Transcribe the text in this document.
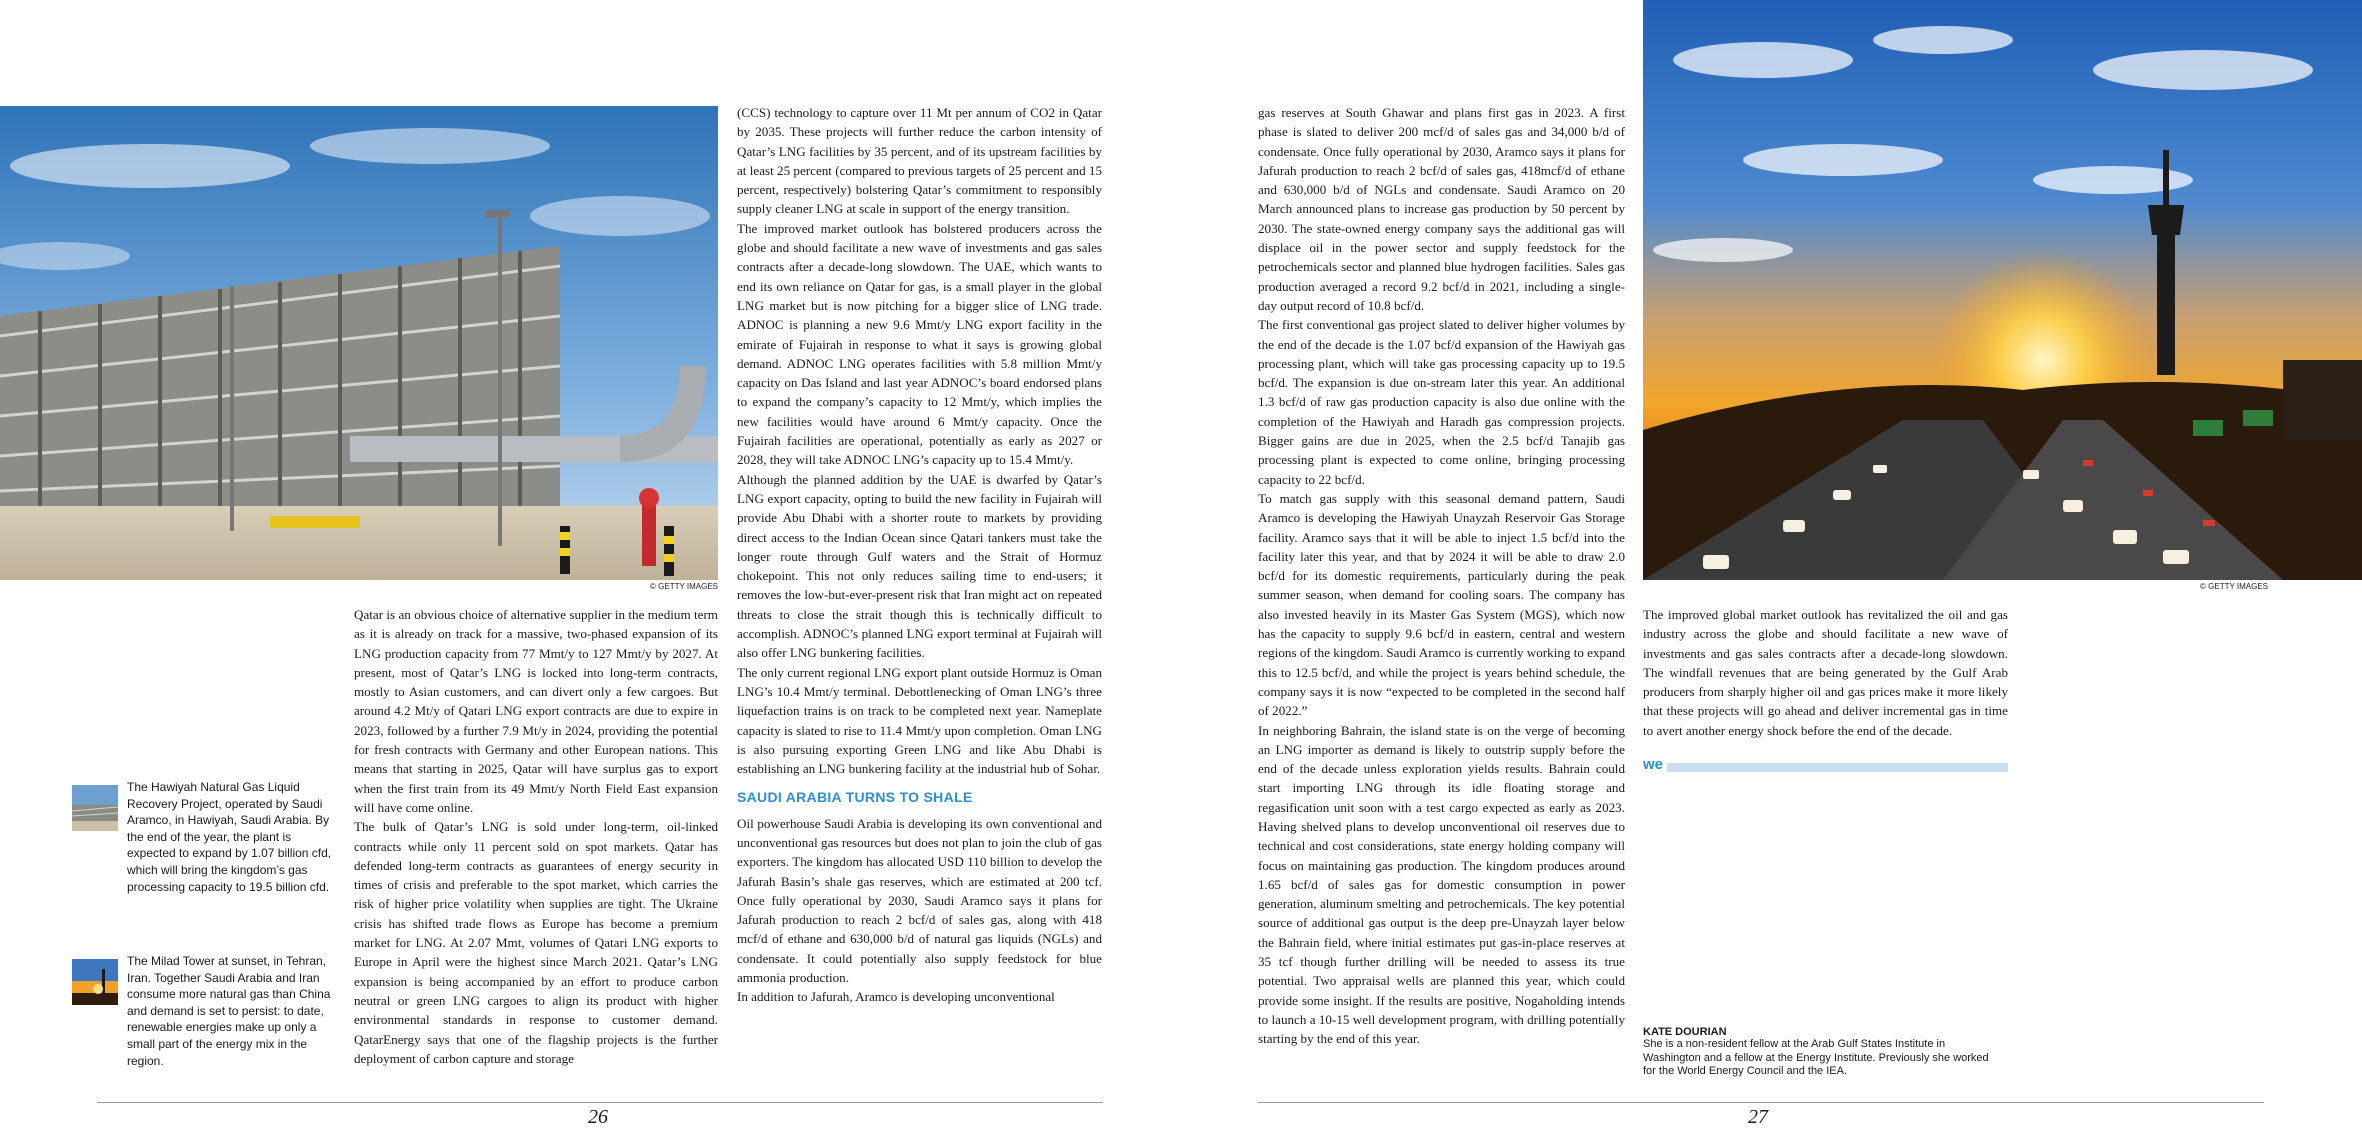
© GETTY IMAGES	© GETTY IMAGES
The Hawiyah Natural Gas Liquid Recovery Project, operated by Saudi Aramco, in Hawiyah, Saudi Arabia. By the end of the year, the plant is expected to expand by 1.07 billion cfd, which will bring the kingdom’s gas processing capacity to 19.5 billion cfd.
The Milad Tower at sunset, in Tehran, Iran. Together Saudi Arabia and Iran consume more natural gas than China and demand is set to persist: to date, renewable energies make up only a small part of the energy mix in the region.

Qatar is an obvious choice of alternative supplier in the medium term as it is already on track for a massive, two-phased expansion of its LNG production capacity from 77 Mmt/y to 127 Mmt/y by 2027. At present, most of Qatar’s LNG is locked into long-term contracts, mostly to Asian customers, and can divert only a few cargoes. But around 4.2 Mt/y of Qatari LNG export contracts are due to expire in 2023, followed by a further 7.9 Mt/y in 2024, providing the potential for fresh contracts with Germany and other European nations. This means that starting in 2025, Qatar will have surplus gas to export when the first train from its 49 Mmt/y North Field East expansion will have come online.

The bulk of Qatar’s LNG is sold under long-term, oil-linked contracts while only 11 percent sold on spot markets. Qatar has defended long-term contracts as guarantees of energy security in times of crisis and preferable to the spot market, which carries the risk of higher price volatility when supplies are tight. The Ukraine crisis has shifted trade flows as Europe has become a premium market for LNG. At 2.07 Mmt, volumes of Qatari LNG exports to Europe in April were the highest since March 2021. Qatar’s LNG expansion is being accompanied by an effort to produce carbon neutral or green LNG cargoes to align its product with higher environmental standards in response to customer demand. QatarEnergy says that one of the flagship projects is the further deployment of carbon capture and storage

(CCS) technology to capture over 11 Mt per annum of CO2 in Qatar by 2035. These projects will further reduce the carbon intensity of Qatar’s LNG facilities by 35 percent, and of its upstream facilities by at least 25 percent (compared to previous targets of 25 percent and 15 percent, respectively) bolstering Qatar’s commitment to responsibly supply cleaner LNG at scale in support of the energy transition.

The improved market outlook has bolstered producers across the globe and should facilitate a new wave of investments and gas sales contracts after a decade-long slowdown. The UAE, which wants to end its own reliance on Qatar for gas, is a small player in the global LNG market but is now pitching for a bigger slice of LNG trade. ADNOC is planning a new 9.6 Mmt/y LNG export facility in the emirate of Fujairah in response to what it says is growing global demand. ADNOC LNG operates facilities with 5.8 million Mmt/y capacity on Das Island and last year ADNOC’s board endorsed plans to expand the company’s capacity to 12 Mmt/y, which implies the new facilities would have around 6 Mmt/y capacity. Once the Fujairah facilities are operational, potentially as early as 2027 or 2028, they will take ADNOC LNG’s capacity up to 15.4 Mmt/y.

Although the planned addition by the UAE is dwarfed by Qatar’s LNG export capacity, opting to build the new facility in Fujairah will provide Abu Dhabi with a shorter route to markets by providing direct access to the Indian Ocean since Qatari tankers must take the longer route through Gulf waters and the Strait of Hormuz chokepoint. This not only reduces sailing time to end-users; it removes the low-but-ever-present risk that Iran might act on repeated threats to close the strait though this is technically difficult to accomplish. ADNOC’s planned LNG export terminal at Fujairah will also offer LNG bunkering facilities.

The only current regional LNG export plant outside Hormuz is Oman LNG’s 10.4 Mmt/y terminal. Debottlenecking of Oman LNG’s three liquefaction trains is on track to be completed next year. Nameplate capacity is slated to rise to 11.4 Mmt/y upon completion. Oman LNG is also pursuing exporting Green LNG and like Abu Dhabi is establishing an LNG bunkering facility at the industrial hub of Sohar.

SAUDI ARABIA TURNS TO SHALE

Oil powerhouse Saudi Arabia is developing its own conventional and unconventional gas resources but does not plan to join the club of gas exporters. The kingdom has allocated USD 110 billion to develop the Jafurah Basin’s shale gas reserves, which are estimated at 200 tcf. Once fully operational by 2030, Saudi Aramco says it plans for Jafurah production to reach 2 bcf/d of sales gas, along with 418 mcf/d of ethane and 630,000 b/d of natural gas liquids (NGLs) and condensate. It could potentially also supply feedstock for blue ammonia production.

In addition to Jafurah, Aramco is developing unconventional

gas reserves at South Ghawar and plans first gas in 2023. A first phase is slated to deliver 200 mcf/d of sales gas and 34,000 b/d of condensate. Once fully operational by 2030, Aramco says it plans for Jafurah production to reach 2 bcf/d of sales gas, 418mcf/d of ethane and 630,000 b/d of NGLs and condensate. Saudi Aramco on 20 March announced plans to increase gas production by 50 percent by 2030. The state-owned energy company says the additional gas will displace oil in the power sector and supply feedstock for the petrochemicals sector and planned blue hydrogen facilities. Sales gas production averaged a record 9.2 bcf/d in 2021, including a single-day output record of 10.8 bcf/d.

The first conventional gas project slated to deliver higher volumes by the end of the decade is the 1.07 bcf/d expansion of the Hawiyah gas processing plant, which will take gas processing capacity up to 19.5 bcf/d. The expansion is due on-stream later this year. An additional 1.3 bcf/d of raw gas production capacity is also due online with the completion of the Hawiyah and Haradh gas compression projects. Bigger gains are due in 2025, when the 2.5 bcf/d Tanajib gas processing plant is expected to come online, bringing processing capacity to 22 bcf/d.

To match gas supply with this seasonal demand pattern, Saudi Aramco is developing the Hawiyah Unayzah Reservoir Gas Storage facility. Aramco says that it will be able to inject 1.5 bcf/d into the facility later this year, and that by 2024 it will be able to draw 2.0 bcf/d for its domestic requirements, particularly during the peak summer season, when demand for cooling soars. The company has also invested heavily in its Master Gas System (MGS), which now has the capacity to supply 9.6 bcf/d in eastern, central and western regions of the kingdom. Saudi Aramco is currently working to expand this to 12.5 bcf/d, and while the project is years behind schedule, the company says it is now “expected to be completed in the second half of 2022.”

In neighboring Bahrain, the island state is on the verge of becoming an LNG importer as demand is likely to outstrip supply before the end of the decade unless exploration yields results. Bahrain could start importing LNG through its idle floating storage and regasification unit soon with a test cargo expected as early as 2023. Having shelved plans to develop unconventional oil reserves due to technical and cost considerations, state energy holding company will focus on maintaining gas production. The kingdom produces around 1.65 bcf/d of sales gas for domestic consumption in power generation, aluminum smelting and petrochemicals. The key potential source of additional gas output is the deep pre-Unayzah layer below the Bahrain field, where initial estimates put gas-in-place reserves at 35 tcf though further drilling will be needed to assess its true potential. Two appraisal wells are planned this year, which could provide some insight. If the results are positive, Nogaholding intends to launch a 10-15 well development program, with drilling potentially starting by the end of this year.

The improved global market outlook has revitalized the oil and gas industry across the globe and should facilitate a new wave of investments and gas sales contracts after a decade-long slowdown. The windfall revenues that are being generated by the Gulf Arab producers from sharply higher oil and gas prices make it more likely that these projects will go ahead and deliver incremental gas in time to avert another energy shock before the end of the decade.

we
KATE DOURIAN
She is a non-resident fellow at the Arab Gulf States Institute in Washington and a fellow at the Energy Institute. Previously she worked for the World Energy Council and the IEA.
26	27
